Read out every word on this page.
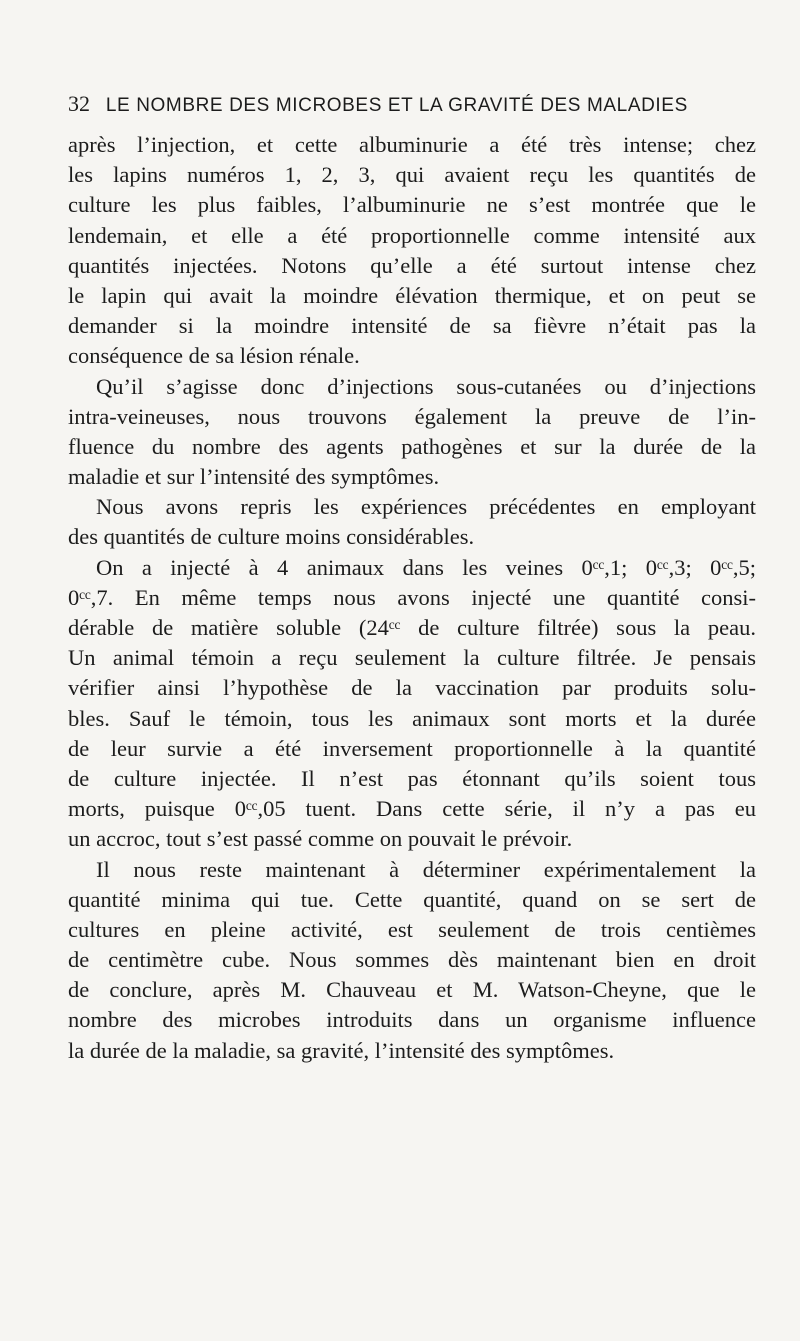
32 LE NOMBRE DES MICROBES ET LA GRAVITÉ DES MALADIES
après l’injection, et cette albuminurie a été très intense; chez
les lapins numéros 1, 2, 3, qui avaient reçu les quantités de
culture les plus faibles, l’albuminurie ne s’est montrée que le
lendemain, et elle a été proportionnelle comme intensité aux
quantités injectées. Notons qu’elle a été surtout intense chez
le lapin qui avait la moindre élévation thermique, et on peut se
demander si la moindre intensité de sa fièvre n’était pas la
conséquence de sa lésion rénale.
Qu’il s’agisse donc d’injections sous-cutanées ou d’injections
intra-veineuses, nous trouvons également la preuve de l’in-
fluence du nombre des agents pathogènes et sur la durée de la
maladie et sur l’intensité des symptômes.
Nous avons repris les expériences précédentes en employant
des quantités de culture moins considérables.
On a injecté à 4 animaux dans les veines 0ᶜᶜ,1; 0ᶜᶜ,3; 0ᶜᶜ,5;
0ᶜᶜ,7. En même temps nous avons injecté une quantité consi-
dérable de matière soluble (24ᶜᶜ de culture filtrée) sous la peau.
Un animal témoin a reçu seulement la culture filtrée. Je pensais
vérifier ainsi l’hypothèse de la vaccination par produits solu-
bles. Sauf le témoin, tous les animaux sont morts et la durée
de leur survie a été inversement proportionnelle à la quantité
de culture injectée. Il n’est pas étonnant qu’ils soient tous
morts, puisque 0ᶜᶜ,05 tuent. Dans cette série, il n’y a pas eu
un accroc, tout s’est passé comme on pouvait le prévoir.
Il nous reste maintenant à déterminer expérimentalement la
quantité minima qui tue. Cette quantité, quand on se sert de
cultures en pleine activité, est seulement de trois centièmes
de centimètre cube. Nous sommes dès maintenant bien en droit
de conclure, après M. Chauveau et M. Watson-Cheyne, que le
nombre des microbes introduits dans un organisme influence
la durée de la maladie, sa gravité, l’intensité des symptômes.
